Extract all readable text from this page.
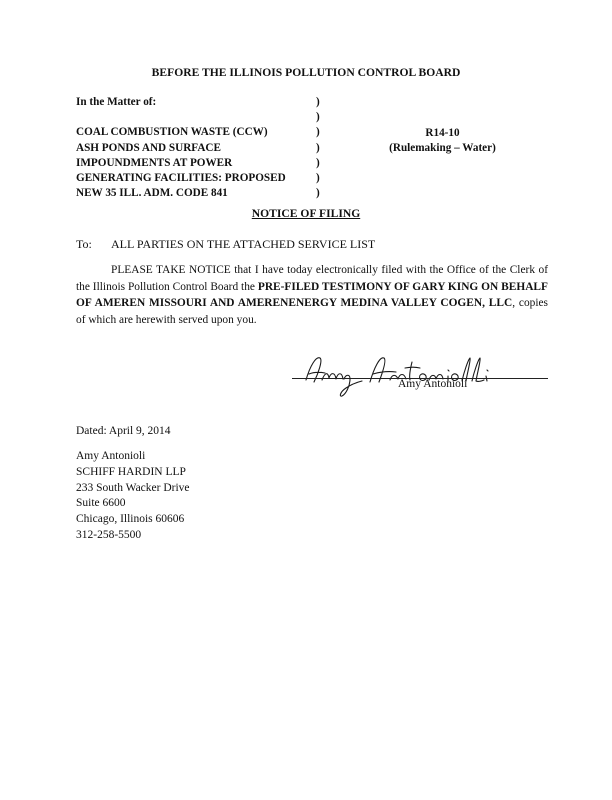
BEFORE THE ILLINOIS POLLUTION CONTROL BOARD
In the Matter of:
COAL COMBUSTION WASTE (CCW)
ASH PONDS AND SURFACE
IMPOUNDMENTS AT POWER
GENERATING FACILITIES: PROPOSED
NEW 35 ILL. ADM. CODE 841
)
)
)
)
)
)
)
R14-10
(Rulemaking – Water)
NOTICE OF FILING
To: ALL PARTIES ON THE ATTACHED SERVICE LIST
PLEASE TAKE NOTICE that I have today electronically filed with the Office of the Clerk of the Illinois Pollution Control Board the PRE-FILED TESTIMONY OF GARY KING ON BEHALF OF AMEREN MISSOURI AND AMERENENERGY MEDINA VALLEY COGEN, LLC, copies of which are herewith served upon you.
Amy Antonioli
Dated: April 9, 2014
Amy Antonioli
SCHIFF HARDIN LLP
233 South Wacker Drive
Suite 6600
Chicago, Illinois 60606
312-258-5500
